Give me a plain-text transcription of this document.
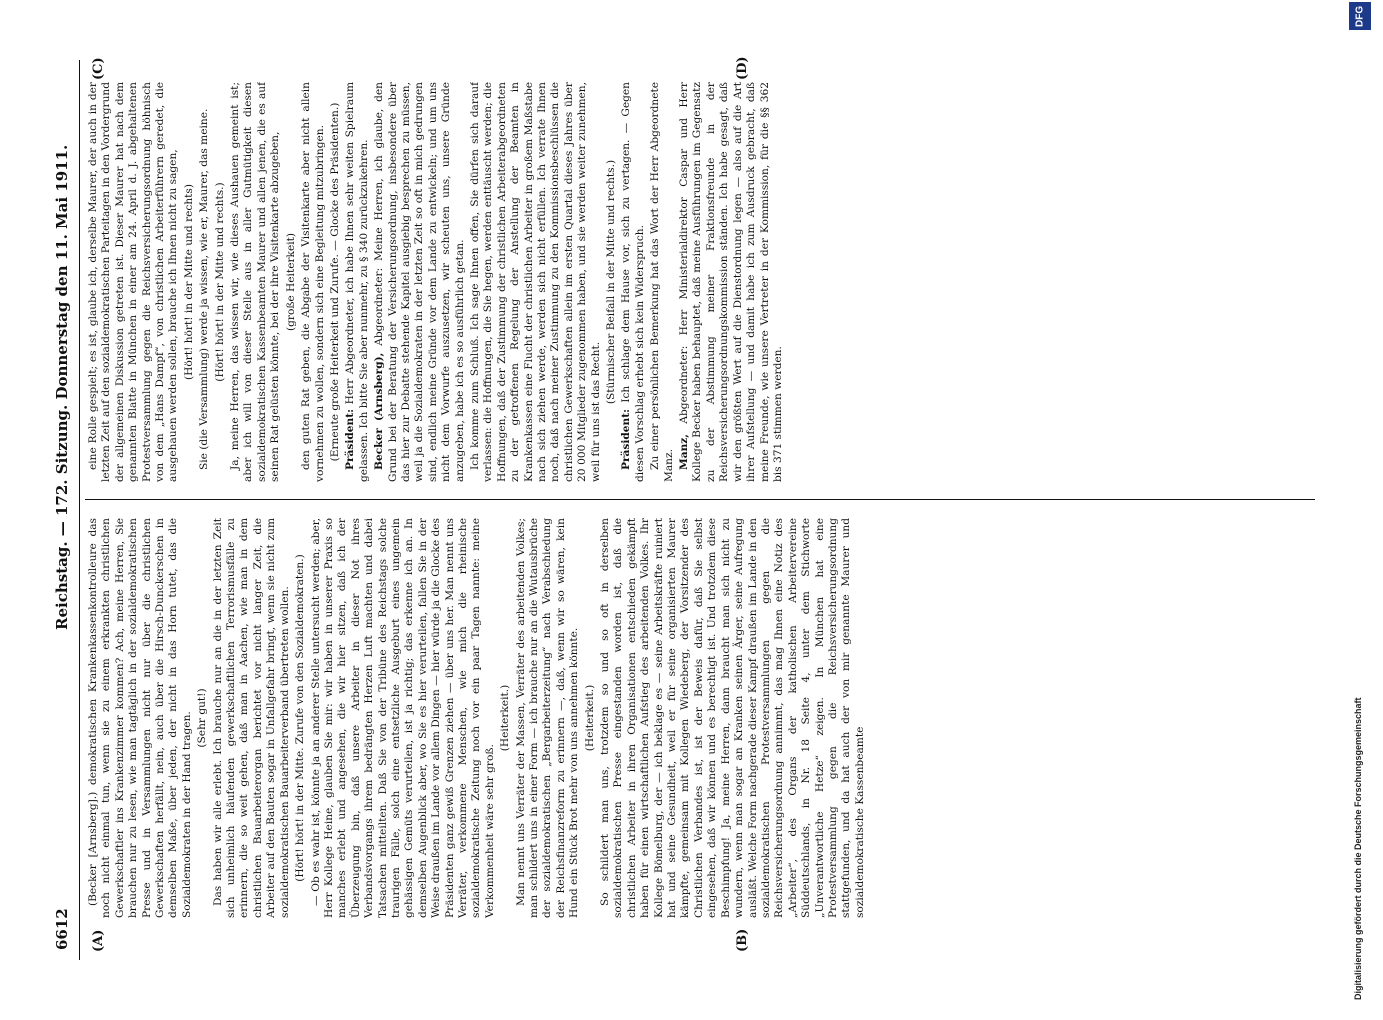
6612
Reichstag. — 172. Sitzung. Donnerstag den 11. Mai 1911.
(A)	(B)
(C)	(D)

(Becker [Arnsberg].) demokratischen Krankenkassenkontrolleure das noch nicht einmal tun, wenn sie zu einem erkrankten christlichen Gewerkschaftler ins Krankenzimmer kommen? Ach, meine Herren, Sie brauchen nur zu lesen, wie man tagtäglich in der sozialdemokratischen Presse und in Versammlungen nicht nur über die christlichen Gewerkschaften herfällt, nein, auch über die Hirsch-Dunckerschen in demselben Maße, über jeden, der nicht in das Horn tutet, das die Sozialdemokraten in der Hand tragen. (Sehr gut!) Das haben wir alle erlebt. Ich brauche nur an die in der letzten Zeit sich unheimlich häufenden gewerkschaftlichen Terrorismusfälle zu erinnern, die so weit gehen, daß man in Aachen, wie man in dem christlichen Bauarbeiterorgan berichtet vor nicht langer Zeit, die Arbeiter auf den Bauten sogar in Unfallgefahr bringt, wenn sie nicht zum sozialdemokratischen Bauarbeiterverband übertreten wollen. (Hört! hört! in der Mitte. Zurufe von den Sozialdemokraten.) — Ob es wahr ist, könnte ja an anderer Stelle untersucht werden; aber, Herr Kollege Heine, glauben Sie mir: wir haben in unserer Praxis so manches erlebt und angesehen, die wir hier sitzen, daß ich der Überzeugung bin, daß unsere Arbeiter in dieser Not ihres Verbandsvorgangs ihrem bedrängten Herzen Luft machten und dabei Tatsachen mitteilten. Daß Sie von der Tribüne des Reichstags solche traurigen Fälle, solch eine entsetzliche Ausgeburt eines ungemein gehässigen Gemüts verurteilen, ist ja richtig; das erkenne ich an. In demselben Augenblick aber, wo Sie es hier verurteilen, fallen Sie in der Weise draußen im Lande vor allem Dingen — hier würde ja die Glocke des Präsidenten ganz gewiß Grenzen ziehen — über uns her. Man nennt uns Verräter, verkommene Menschen, wie mich die rheinische sozialdemokratische Zeitung noch vor ein paar Tagen nannte: meine Verkommenheit wäre sehr groß.

(Heiterkeit.) Man nennt uns Verräter der Massen, Verräter des arbeitenden Volkes; man schildert uns in einer Form — ich brauche nur an die Wutausbrüche der sozialdemokratischen „Bergarbeiterzeitung“ nach Verabschiedung der Reichsfinanzreform zu erinnern —, daß, wenn wir so wären, kein Hund ein Stück Brot mehr von uns annehmen könnte. (Heiterkeit.) So schildert man uns, trotzdem so und so oft in derselben sozialdemokratischen Presse eingestanden worden ist, daß die christlichen Arbeiter in ihren Organisationen entschieden gekämpft haben für einen wirtschaftlichen Aufstieg des arbeitenden Volkes. Ihr Kollege Bömelburg, der — ich beklage es — seine Arbeitskräfte ruiniert hat und seine Gesundheit, weil er für seine organisierten Maurer kämpfte, gemeinsam mit Kollegen Wiedeberg, der Vorsitzender des Christlichen Verbandes ist, ist der Beweis dafür, daß Sie selbst eingesehen, daß wir können und es berechtigt ist. Und trotzdem diese Beschimpfung! Ja, meine Herren, dann braucht man sich nicht zu wundern, wenn man sogar an Kranken seinen Ärger, seine Aufregung ausläßt. Welche Form nachgerade dieser Kampf draußen im Lande in den sozialdemokratischen Protestversammlungen gegen die Reichsversicherungsordnung annimmt, das mag Ihnen eine Notiz des „Arbeiter“, des Organs der katholischen Arbeitervereine Süddeutschlands, in Nr. 18 Seite 4, unter dem Stichworte „Unverantwortliche Hetze“ zeigen. In München hat eine Protestversammlung gegen die Reichsversicherungsordnung stattgefunden, und da hat auch der von mir genannte Maurer und sozialdemokratische Kassenbeamte

eine Rolle gespielt; es ist, glaube ich, derselbe Maurer, der auch in der letzten Zeit auf den sozialdemokratischen Parteitagen in den Vordergrund der allgemeinen Diskussion getreten ist. Dieser Maurer hat nach dem genannten Blatte in München in einer am 24. April d. J. abgehaltenen Protestversammlung gegen die Reichsversicherungsordnung höhnisch von dem „Hans Dampf“, von christlichen Arbeiterführern geredet, die ausgehauen werden sollen, brauche ich Ihnen nicht zu sagen, (Hört! hört! in der Mitte und rechts) Sie (die Versammlung) werde ja wissen, wie er, Maurer, das meine. (Hört! hört! in der Mitte und rechts.) Ja, meine Herren, das wissen wir, wie dieses Aushauen gemeint ist; aber ich will von dieser Stelle aus in aller Gutmütigkeit diesen sozialdemokratischen Kassenbeamten Maurer und allen jenen, die es auf seinen Rat gelüsten könnte, bei der ihre Visitenkarte abzugeben, (große Heiterkeit) den guten Rat geben, die Abgabe der Visitenkarte aber nicht allein vornehmen zu wollen, sondern sich eine Begleitung mitzubringen. (Erneute große Heiterkeit und Zurufe. — Glocke des Präsidenten.) Präsident: Herr Abgeordneter, ich habe Ihnen sehr weiten Spielraum gelassen. Ich bitte Sie aber nunmehr, zu § 340 zurückzukehren. Becker (Arnsberg), Abgeordneter: Meine Herren, ich glaube, den Grund bei der Beratung der Versicherungsordnung, insbesondere über das hier zur Debatte stehende Kapitel ausgiebig besprechen zu müssen, weil ja die Sozialdemokraten in der letzten Zeit so oft in mich gedrungen sind, endlich meine Gründe vor dem Lande zu entwickeln; und um uns nicht dem Vorwurfe auszusetzen, wir scheuten uns, unsere Gründe anzugeben, habe ich es so ausführlich getan. Ich komme zum Schluß. Ich sage Ihnen offen, Sie dürfen sich darauf verlassen: die Hoffnungen, die Sie hegen, werden enttäuscht werden; die Hoffnungen, daß der Zustimmung der christlichen Arbeiterabgeordneten zu der getroffenen Regelung der Anstellung der Beamten in Krankenkassen eine Flucht der christlichen Arbeiter in großem Maßstabe nach sich ziehen werde, werden sich nicht erfüllen. Ich verrate Ihnen noch, daß nach meiner Zustimmung zu den Kommissionsbeschlüssen die christlichen Gewerkschaften allein im ersten Quartal dieses Jahres über 20 000 Mitglieder zugenommen haben, und sie werden weiter zunehmen, weil für uns ist das Recht.

(Stürmischer Beifall in der Mitte und rechts.)

Präsident: Ich schlage dem Hause vor, sich zu vertagen. — Gegen diesen Vorschlag erhebt sich kein Widerspruch. Zu einer persönlichen Bemerkung hat das Wort der Herr Abgeordnete Manz. Manz, Abgeordneter: Herr Ministerialdirektor Caspar und Herr Kollege Becker haben behauptet, daß meine Ausführungen im Gegensatz zu der Abstimmung meiner Fraktionsfreunde in der Reichsversicherungsordnungskommission ständen. Ich habe gesagt, daß wir den größten Wert auf die Dienstordnung legen — also auf die Art ihrer Aufstellung — und damit habe ich zum Ausdruck gebracht, daß meine Freunde, wie unsere Vertreter in der Kommission, für die §§ 362 bis 371 stimmen werden.

DFG
Digitalisierung gefördert durch die Deutsche Forschungsgemeinschaft
